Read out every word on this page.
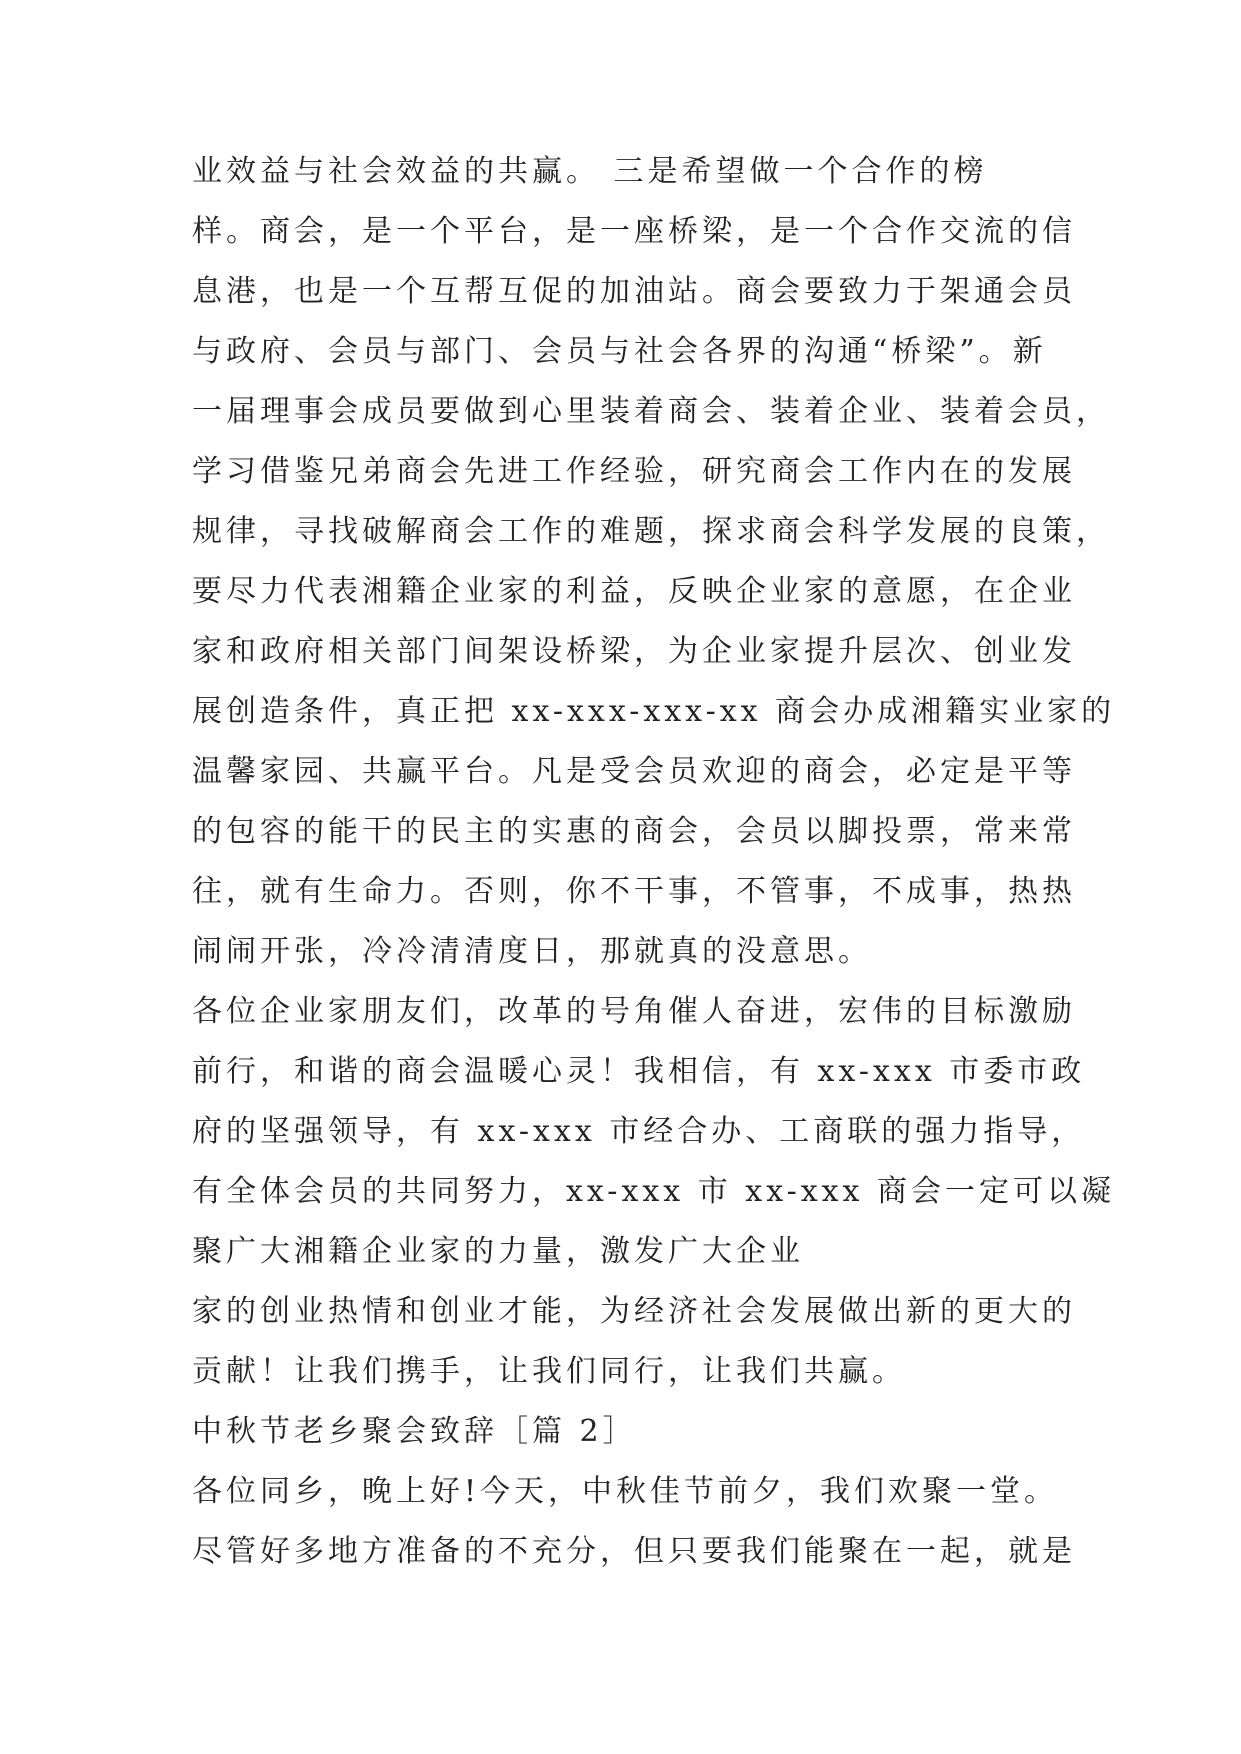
业效益与社会效益的共赢。 三是希望做一个合作的榜
样。商会，是一个平台，是一座桥梁，是一个合作交流的信
息港，也是一个互帮互促的加油站。商会要致力于架通会员
与政府、会员与部门、会员与社会各界的沟通“桥梁”。新
一届理事会成员要做到心里装着商会、装着企业、装着会员，
学习借鉴兄弟商会先进工作经验，研究商会工作内在的发展
规律，寻找破解商会工作的难题，探求商会科学发展的良策，
要尽力代表湘籍企业家的利益，反映企业家的意愿，在企业
家和政府相关部门间架设桥梁，为企业家提升层次、创业发
展创造条件，真正把 xx-xxx-xxx-xx 商会办成湘籍实业家的
温馨家园、共赢平台。凡是受会员欢迎的商会，必定是平等
的包容的能干的民主的实惠的商会，会员以脚投票，常来常
往，就有生命力。否则，你不干事，不管事，不成事，热热
闹闹开张，冷冷清清度日，那就真的没意思。
各位企业家朋友们，改革的号角催人奋进，宏伟的目标激励
前行，和谐的商会温暖心灵！我相信，有 xx-xxx 市委市政
府的坚强领导，有 xx-xxx 市经合办、工商联的强力指导，
有全体会员的共同努力，xx-xxx 市 xx-xxx 商会一定可以凝
聚广大湘籍企业家的力量，激发广大企业
家的创业热情和创业才能，为经济社会发展做出新的更大的
贡献！让我们携手，让我们同行，让我们共赢。
中秋节老乡聚会致辞［篇 2］
各位同乡，晚上好!今天，中秋佳节前夕，我们欢聚一堂。
尽管好多地方准备的不充分，但只要我们能聚在一起，就是
